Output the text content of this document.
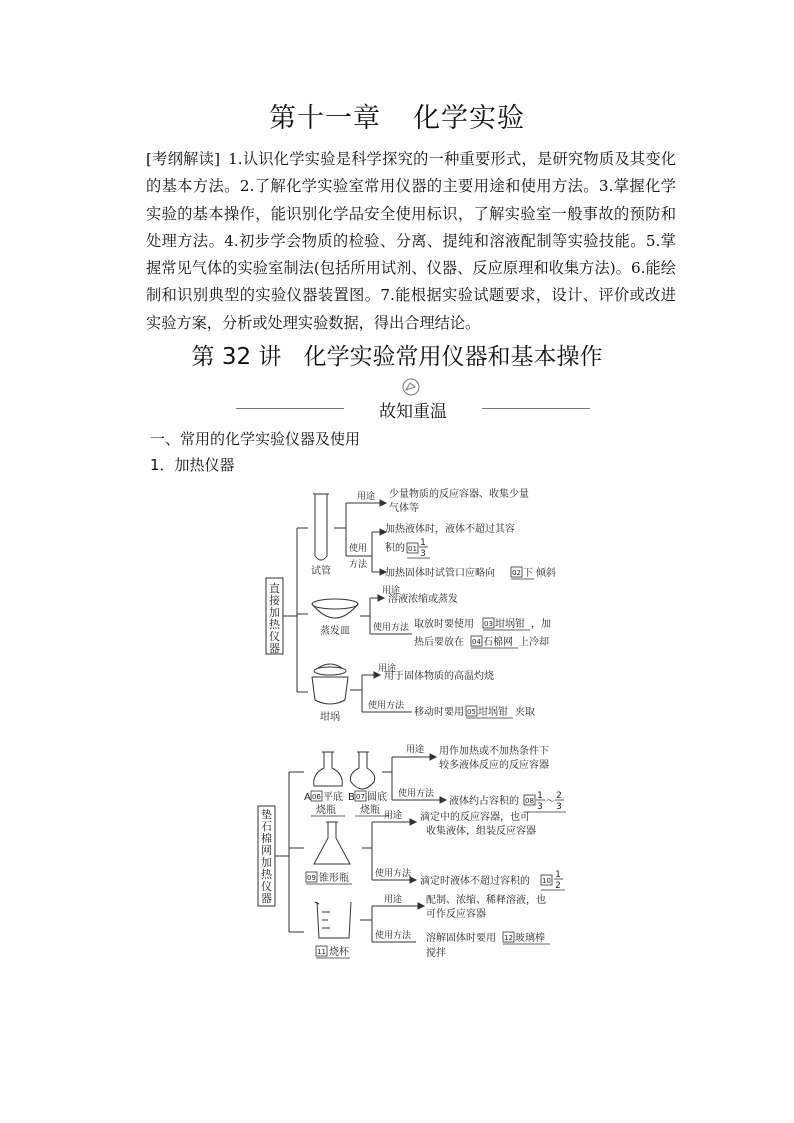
第十一章 化学实验
[考纲解读] 1.认识化学实验是科学探究的一种重要形式，是研究物质及其变化的基本方法。2.了解化学实验室常用仪器的主要用途和使用方法。3.掌握化学实验的基本操作，能识别化学品安全使用标识，了解实验室一般事故的预防和处理方法。4.初步学会物质的检验、分离、提纯和溶液配制等实验技能。5.掌握常见气体的实验室制法(包括所用试剂、仪器、反应原理和收集方法)。6.能绘制和识别典型的实验仪器装置图。7.能根据实验试题要求，设计、评价或改进实验方案，分析或处理实验数据，得出合理结论。
第 32 讲 化学实验常用仪器和基本操作
故知重温
一、常用的化学实验仪器及使用
1．加热仪器
直
接
加
热
仪
器
试管
用途 少量物质的反应容器、收集少量
气体等
使用
方法
加热液体时，液体不超过其容
积的 01
1
3
加热固体时试管口应略向 02 下 倾斜
蒸发皿
用途
溶液浓缩或蒸发
使用方法 取放时要使用 03 坩埚钳 ，加
热后要放在 04 石棉网 上冷却
坩埚
用途
用于固体物质的高温灼烧
使用方法
移动时要用 05 坩埚钳 夹取
垫
石
棉
网
加
热
仪
器
A 06 平底
烧瓶
B 07 圆底
烧瓶
用途 用作加热或不加热条件下
较多液体反应的反应容器
使用方法
液体约占容积的 08 1
3 ～
2
3
09 锥形瓶
用途 滴定中的反应容器，也可
收集液体，组装反应容器
使用方法
滴定时液体不超过容积的 10
1
2
11 烧杯
用途 配制、浓缩、稀释溶液，也
可作反应容器
使用方法 溶解固体时要用 12 玻璃棒
搅拌
